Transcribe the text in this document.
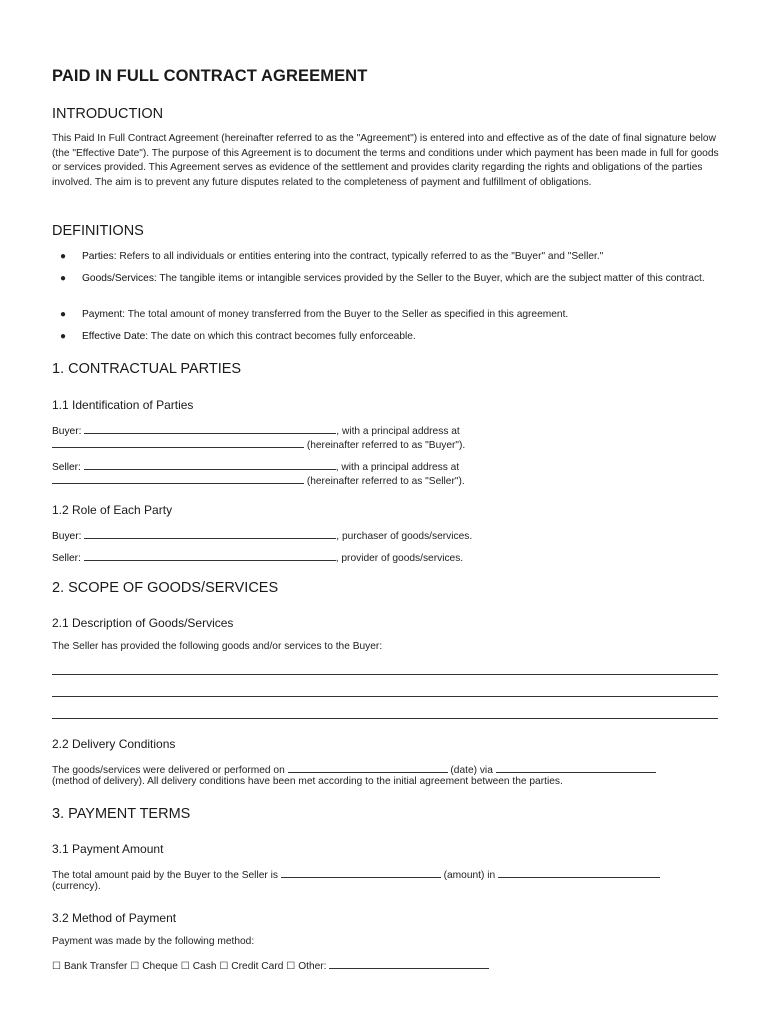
PAID IN FULL CONTRACT AGREEMENT
INTRODUCTION
This Paid In Full Contract Agreement (hereinafter referred to as the "Agreement") is entered into and effective as of the date of final signature below (the "Effective Date"). The purpose of this Agreement is to document the terms and conditions under which payment has been made in full for goods or services provided. This Agreement serves as evidence of the settlement and provides clarity regarding the rights and obligations of the parties involved. The aim is to prevent any future disputes related to the completeness of payment and fulfillment of obligations.
DEFINITIONS
● Parties: Refers to all individuals or entities entering into the contract, typically referred to as the "Buyer" and "Seller."
● Goods/Services: The tangible items or intangible services provided by the Seller to the Buyer, which are the subject matter of this contract.
● Payment: The total amount of money transferred from the Buyer to the Seller as specified in this agreement.
● Effective Date: The date on which this contract becomes fully enforceable.
1. CONTRACTUAL PARTIES
1.1 Identification of Parties
Buyer:	, with a principal address at
(hereinafter referred to as "Buyer").
Seller:	, with a principal address at
(hereinafter referred to as "Seller").
1.2 Role of Each Party
Buyer:	, purchaser of goods/services.
Seller:	, provider of goods/services.
2. SCOPE OF GOODS/SERVICES
2.1 Description of Goods/Services
The Seller has provided the following goods and/or services to the Buyer:
2.2 Delivery Conditions
The goods/services were delivered or performed on	(date) via
(method of delivery). All delivery conditions have been met according to the initial agreement between the parties.
3. PAYMENT TERMS
3.1 Payment Amount
The total amount paid by the Buyer to the Seller is	(amount) in
(currency).
3.2 Method of Payment
Payment was made by the following method:
☐ Bank Transfer ☐ Cheque ☐ Cash ☐ Credit Card ☐ Other:
